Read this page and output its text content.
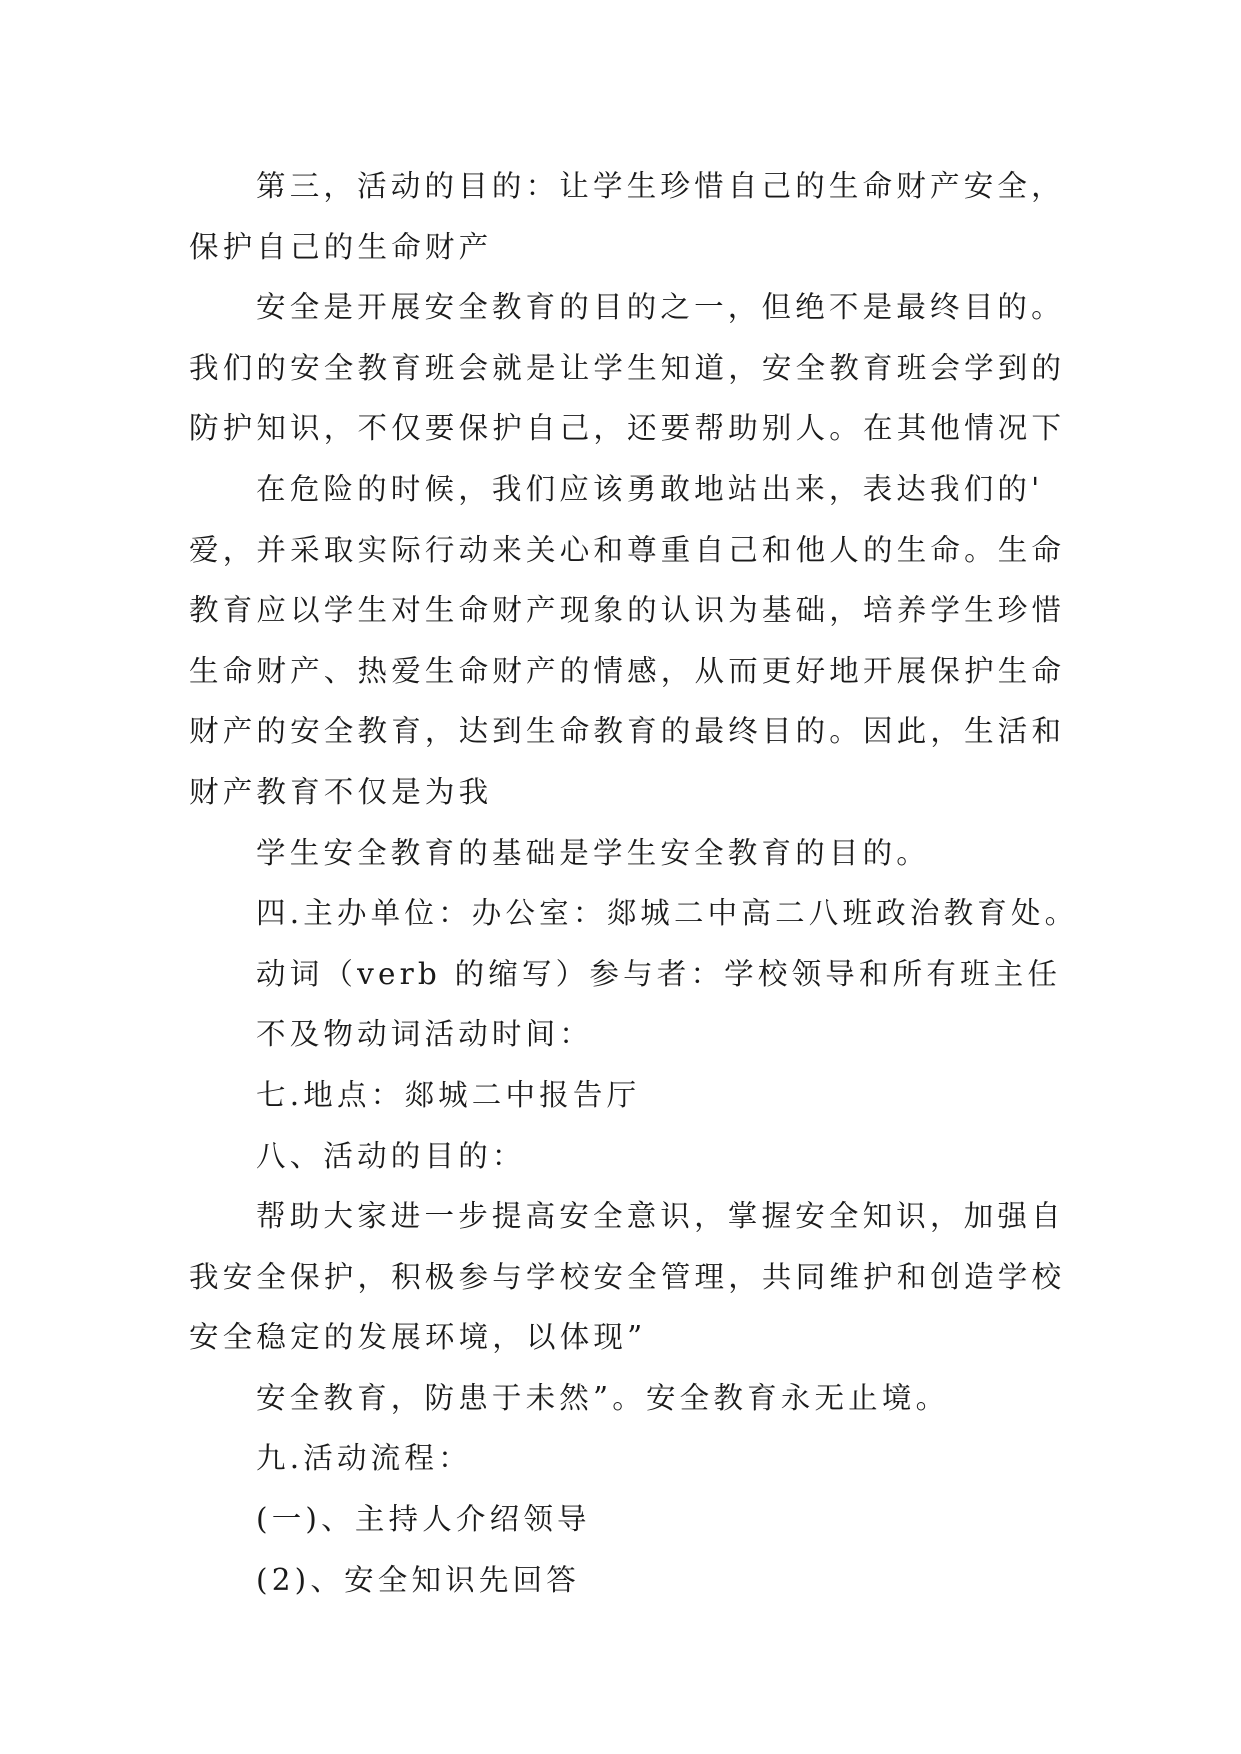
第三，活动的目的：让学生珍惜自己的生命财产安全，
保护自己的生命财产
安全是开展安全教育的目的之一，但绝不是最终目的。
我们的安全教育班会就是让学生知道，安全教育班会学到的
防护知识，不仅要保护自己，还要帮助别人。在其他情况下
在危险的时候，我们应该勇敢地站出来，表达我们的'
爱，并采取实际行动来关心和尊重自己和他人的生命。生命
教育应以学生对生命财产现象的认识为基础，培养学生珍惜
生命财产、热爱生命财产的情感，从而更好地开展保护生命
财产的安全教育，达到生命教育的最终目的。因此，生活和
财产教育不仅是为我
学生安全教育的基础是学生安全教育的目的。
四.主办单位：办公室：郯城二中高二八班政治教育处。
动词（verb 的缩写）参与者：学校领导和所有班主任
不及物动词活动时间：
七.地点：郯城二中报告厅
八、活动的目的：
帮助大家进一步提高安全意识，掌握安全知识，加强自
我安全保护，积极参与学校安全管理，共同维护和创造学校
安全稳定的发展环境，以体现”
安全教育，防患于未然”。安全教育永无止境。
九.活动流程：
(一)、主持人介绍领导
(2)、安全知识先回答
